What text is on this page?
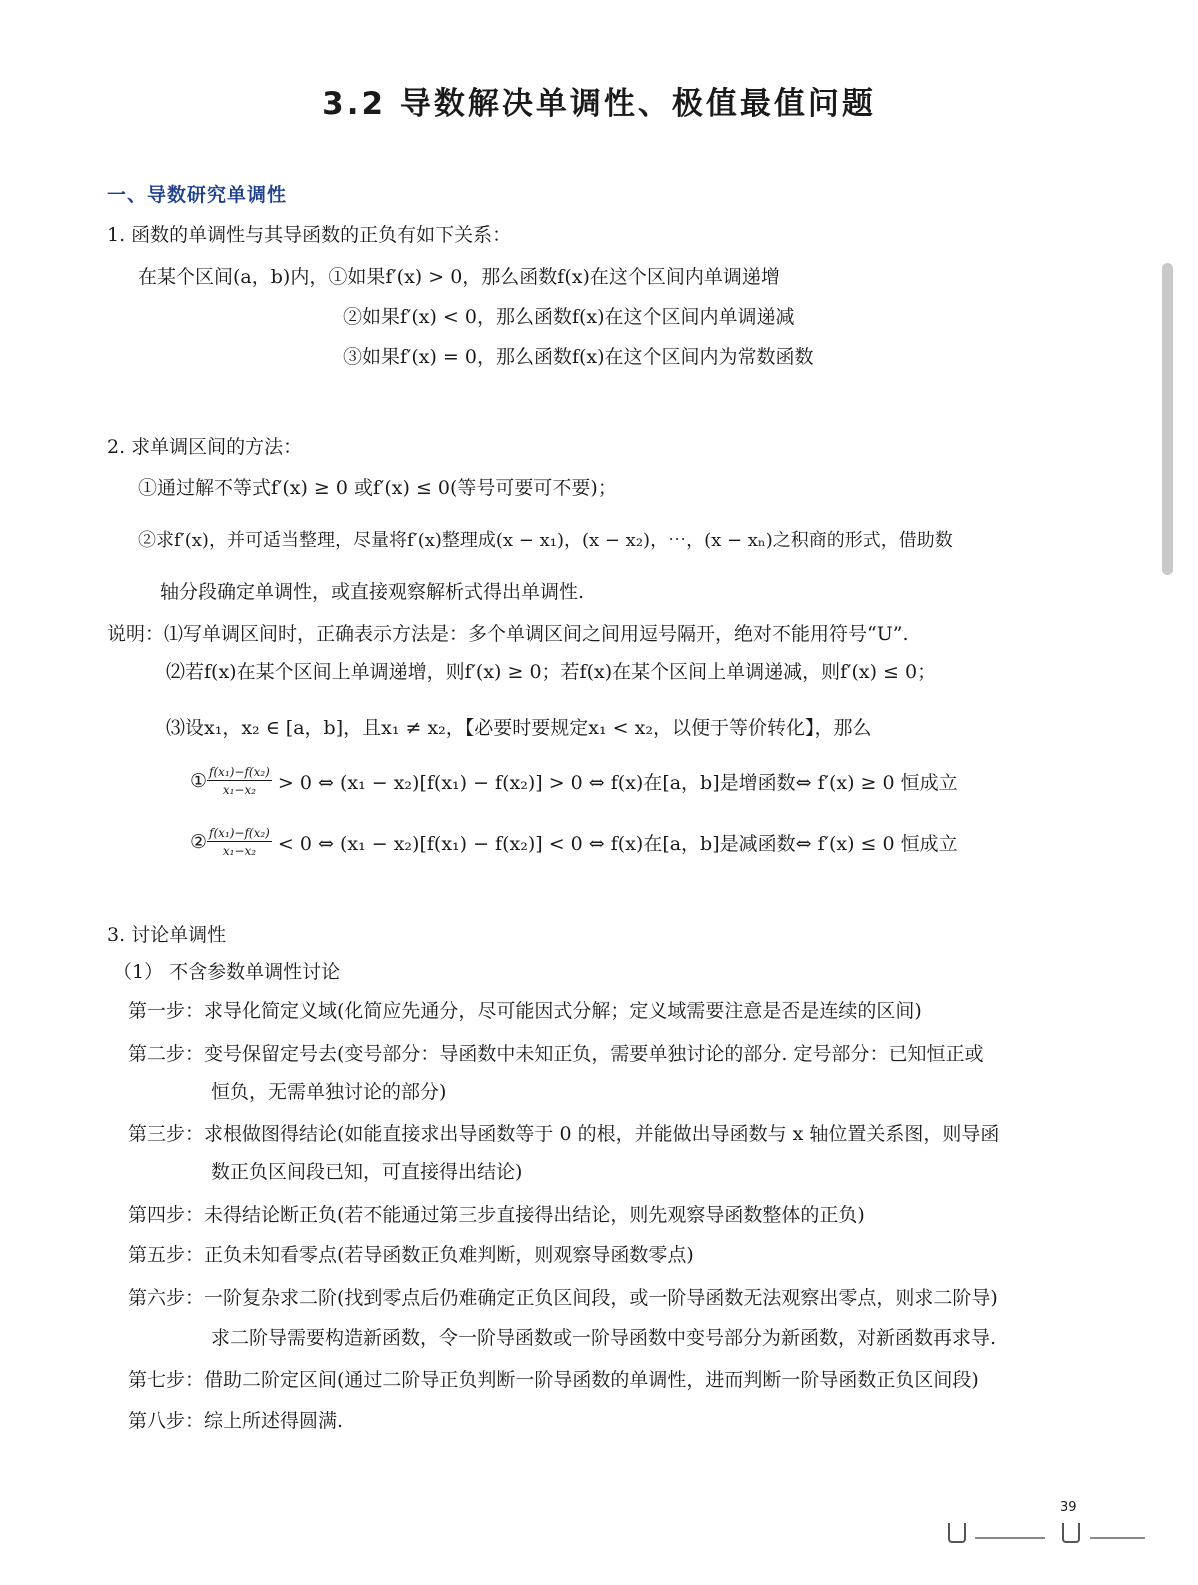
3.2 导数解决单调性、极值最值问题
一、导数研究单调性
1. 函数的单调性与其导函数的正负有如下关系：
在某个区间(a，b)内，①如果f′(x) > 0，那么函数f(x)在这个区间内单调递增
②如果f′(x) < 0，那么函数f(x)在这个区间内单调递减
③如果f′(x) = 0，那么函数f(x)在这个区间内为常数函数
2. 求单调区间的方法：
①通过解不等式f′(x) ≥ 0 或f′(x) ≤ 0(等号可要可不要)；
②求f′(x)，并可适当整理，尽量将f′(x)整理成(x − x₁)，(x − x₂)，⋯，(x − xₙ)之积商的形式，借助数
轴分段确定单调性，或直接观察解析式得出单调性.
说明：⑴写单调区间时，正确表示方法是：多个单调区间之间用逗号隔开，绝对不能用符号“U”.
⑵若f(x)在某个区间上单调递增，则f′(x) ≥ 0；若f(x)在某个区间上单调递减，则f′(x) ≤ 0；
⑶设x₁，x₂ ∈ [a，b]，且x₁ ≠ x₂，【必要时要规定x₁ < x₂，以便于等价转化】，那么
① $\frac{\text{f(x₁)−f(x₂)}}{\text{x₁−x₂}} > 0$ ⇔ (x₁ − x₂)[f(x₁) − f(x₂)] > 0 ⇔ f(x)在[a，b]是增函数⇔ f′(x) ≥ 0 恒成立
② $\frac{\text{f(x₁)−f(x₂)}}{\text{x₁−x₂}} < 0$ ⇔ (x₁ − x₂)[f(x₁) − f(x₂)] < 0 ⇔ f(x)在[a，b]是减函数⇔ f′(x) ≤ 0 恒成立
3. 讨论单调性
（1） 不含参数单调性讨论
第一步：求导化简定义域(化简应先通分，尽可能因式分解；定义域需要注意是否是连续的区间)
第二步：变号保留定号去(变号部分：导函数中未知正负，需要单独讨论的部分. 定号部分：已知恒正或
恒负，无需单独讨论的部分)
第三步：求根做图得结论(如能直接求出导函数等于 0 的根，并能做出导函数与 x 轴位置关系图，则导函
数正负区间段已知，可直接得出结论)
第四步：未得结论断正负(若不能通过第三步直接得出结论，则先观察导函数整体的正负)
第五步：正负未知看零点(若导函数正负难判断，则观察导函数零点)
第六步：一阶复杂求二阶(找到零点后仍难确定正负区间段，或一阶导函数无法观察出零点，则求二阶导)
求二阶导需要构造新函数，令一阶导函数或一阶导函数中变号部分为新函数，对新函数再求导.
第七步：借助二阶定区间(通过二阶导正负判断一阶导函数的单调性，进而判断一阶导函数正负区间段)
第八步：综上所述得圆满.
39
